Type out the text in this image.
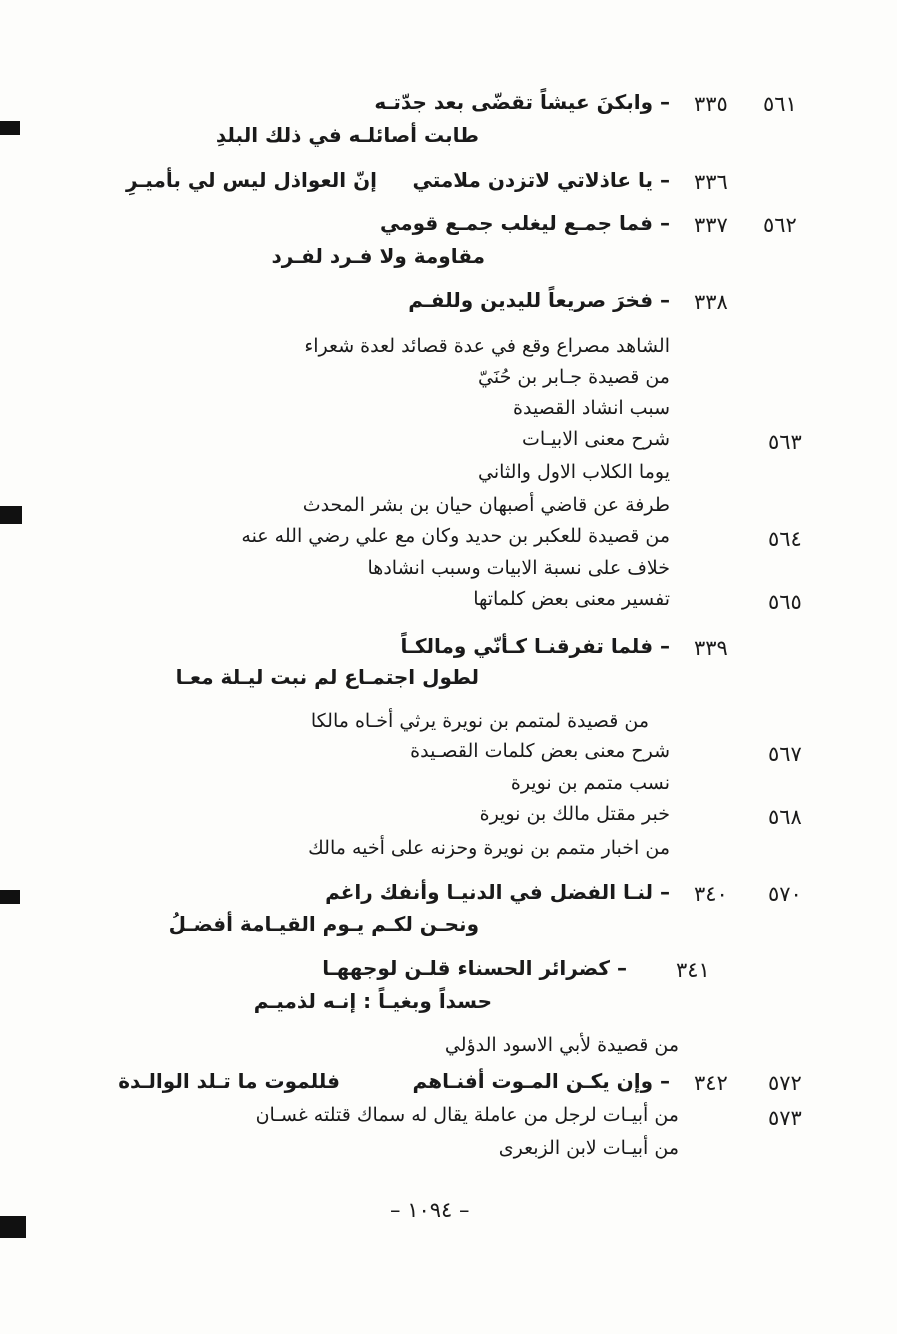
٥٦١
٣٣٥
– وابكنَ عيشاً تقضّى بعد جدّتـه
طابت أصائلـه في ذلك البلدِ
٣٣٦
– يا عاذلاتي لاتزدن ملامتي
إنّ العواذل ليس لي بأميـرِ
٥٦٢
٣٣٧
– فما جمـع ليغلب جمـع قومي
مقاومة ولا فـرد لفـرد
٣٣٨
– فخرَ صريعاً لليدين وللفـم
الشاهد مصراع وقع في عدة قصائد لعدة شعراء
من قصيدة جـابر بن حُنَيّ
سبب انشاد القصيدة
٥٦٣
شرح معنى الابيـات
يوما الكلاب الاول والثاني
طرفة عن قاضي أصبهان حيان بن بشر المحدث
٥٦٤
من قصيدة للعكبر بن حديد وكان مع علي رضي الله عنه
خلاف على نسبة الابيات وسبب انشادها
٥٦٥
تفسير معنى بعض كلماتها
٣٣٩
– فلما تفرقنـا كـأنّي ومالكـاً
لطول اجتمـاع لم نبت ليـلة معـا
من قصيدة لمتمم بن نويرة يرثي أخـاه مالكا
٥٦٧
شرح معنى بعض كلمات القصـيدة
نسب متمم بن نويرة
٥٦٨
خبر مقتل مالك بن نويرة
من اخبار متمم بن نويرة وحزنه على أخيه مالك
٥٧٠
٣٤٠
– لنـا الفضل في الدنيـا وأنفك راغم
ونحـن لكـم يـوم القيـامة أفضـلُ
٣٤١
– كضرائر الحسناء قلـن لوجههـا
حسداً وبغيـاً : إنـه لذميـم
من قصيدة لأبي الاسود الدؤلي
٥٧٢
٣٤٢
– وإن يكـن المـوت أفنـاهم
فللموت ما تـلد الوالـدة
٥٧٣
من أبيـات لرجل من عاملة يقال له سماك قتلته غسـان
من أبيـات لابن الزبعرى
– ١٠٩٤ –
